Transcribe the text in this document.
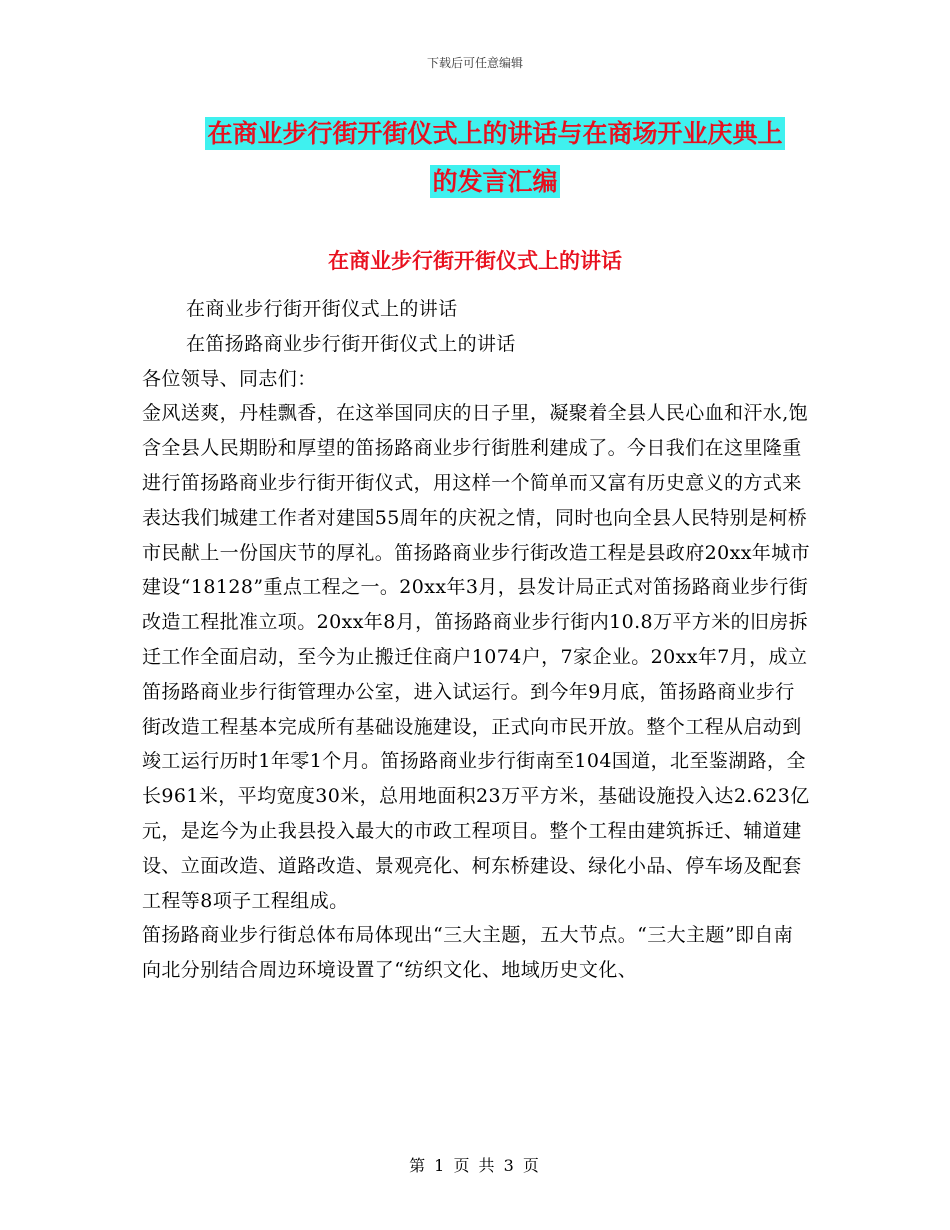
下载后可任意编辑
在商业步行街开街仪式上的讲话与在商场开业庆典上
的发言汇编
在商业步行街开街仪式上的讲话

在商业步行街开街仪式上的讲话

在笛扬路商业步行街开街仪式上的讲话

各位领导、同志们：

金风送爽，丹桂飘香，在这举国同庆的日子里，凝聚着全县人民心血和汗水,饱含全县人民期盼和厚望的笛扬路商业步行街胜利建成了。今日我们在这里隆重进行笛扬路商业步行街开街仪式，用这样一个简单而又富有历史意义的方式来表达我们城建工作者对建国55周年的庆祝之情，同时也向全县人民特别是柯桥市民献上一份国庆节的厚礼。笛扬路商业步行街改造工程是县政府20xx年城市建设“18128”重点工程之一。20xx年3月，县发计局正式对笛扬路商业步行街改造工程批准立项。20xx年8月，笛扬路商业步行街内10.8万平方米的旧房拆迁工作全面启动，至今为止搬迁住商户1074户，7家企业。20xx年7月，成立笛扬路商业步行街管理办公室，进入试运行。到今年9月底，笛扬路商业步行街改造工程基本完成所有基础设施建设，正式向市民开放。整个工程从启动到竣工运行历时1年零1个月。笛扬路商业步行街南至104国道，北至鉴湖路，全长961米，平均宽度30米，总用地面积23万平方米，基础设施投入达2.623亿元，是迄今为止我县投入最大的市政工程项目。整个工程由建筑拆迁、辅道建设、立面改造、道路改造、景观亮化、柯东桥建设、绿化小品、停车场及配套工程等8项子工程组成。

笛扬路商业步行街总体布局体现出“三大主题，五大节点。“三大主题”即自南向北分别结合周边环境设置了“纺织文化、地域历史文化、

第 1 页 共 3 页
